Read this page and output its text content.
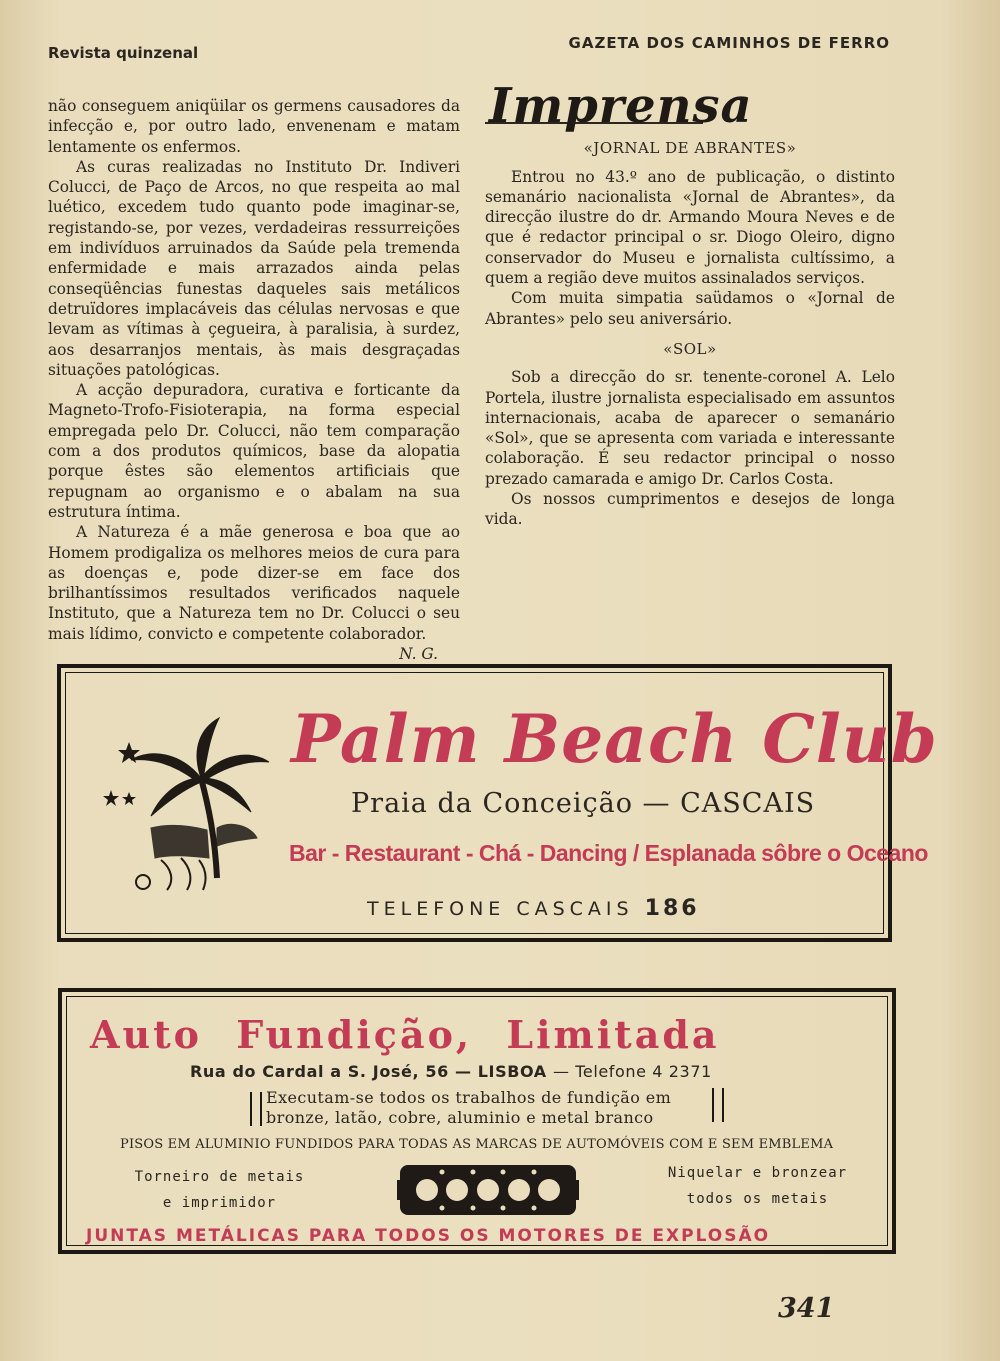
Revista quinzenal
GAZETA DOS CAMINHOS DE FERRO

não conseguem aniqüilar os germens causadores da infecção e, por outro lado, envenenam e matam lentamente os enfermos.

As curas realizadas no Instituto Dr. Indiveri Colucci, de Paço de Arcos, no que respeita ao mal luético, excedem tudo quanto pode imaginar-se, registando-se, por vezes, verdadeiras ressurreições em indivíduos arruinados da Saúde pela tremenda enfermidade e mais arrazados ainda pelas conseqüências funestas daqueles sais metálicos detruïdores implacáveis das células nervosas e que levam as vítimas à çegueira, à paralisia, à surdez, aos desarranjos mentais, às mais desgraçadas situações patológicas.

A acção depuradora, curativa e forticante da Magneto-Trofo-Fisioterapia, na forma especial empregada pelo Dr. Colucci, não tem comparação com a dos produtos químicos, base da alopatia porque êstes são elementos artificiais que repugnam ao organismo e o abalam na sua estrutura íntima.

A Natureza é a mãe generosa e boa que ao Homem prodigaliza os melhores meios de cura para as doenças e, pode dizer-se em face dos brilhantíssimos resultados verificados naquele Instituto, que a Natureza tem no Dr. Colucci o seu mais lídimo, convicto e competente colaborador.

N. G.

Imprensa
«JORNAL DE ABRANTES»

Entrou no 43.º ano de publicação, o distinto semanário nacionalista «Jornal de Abrantes», da direcção ilustre do dr. Armando Moura Neves e de que é redactor principal o sr. Diogo Oleiro, digno conservador do Museu e jornalista cultíssimo, a quem a região deve muitos assinalados serviços.

Com muita simpatia saüdamos o «Jornal de Abrantes» pelo seu aniversário.

«SOL»

Sob a direcção do sr. tenente-coronel A. Lelo Portela, ilustre jornalista especialisado em assuntos internacionais, acaba de aparecer o semanário «Sol», que se apresenta com variada e interessante colaboração. É seu redactor principal o nosso prezado camarada e amigo Dr. Carlos Costa.

Os nossos cumprimentos e desejos de longa vida.

Palm Beach Club
Praia da Conceição — CASCAIS
Bar - Restaurant - Chá - Dancing / Esplanada sôbre o Oceano
TELEFONE CASCAIS 186
Auto Fundição, Limitada
Rua do Cardal a S. José, 56 — LISBOA — Telefone 4 2371
Executam-se todos os trabalhos de fundição em bronze, latão, cobre, aluminio e metal branco
PISOS EM ALUMINIO FUNDIDOS PARA TODAS AS MARCAS DE AUTOMÓVEIS COM E SEM EMBLEMA
Torneiro de metais
e imprimidor
Niquelar e bronzear
todos os metais
JUNTAS METÁLICAS PARA TODOS OS MOTORES DE EXPLOSÃO
341
